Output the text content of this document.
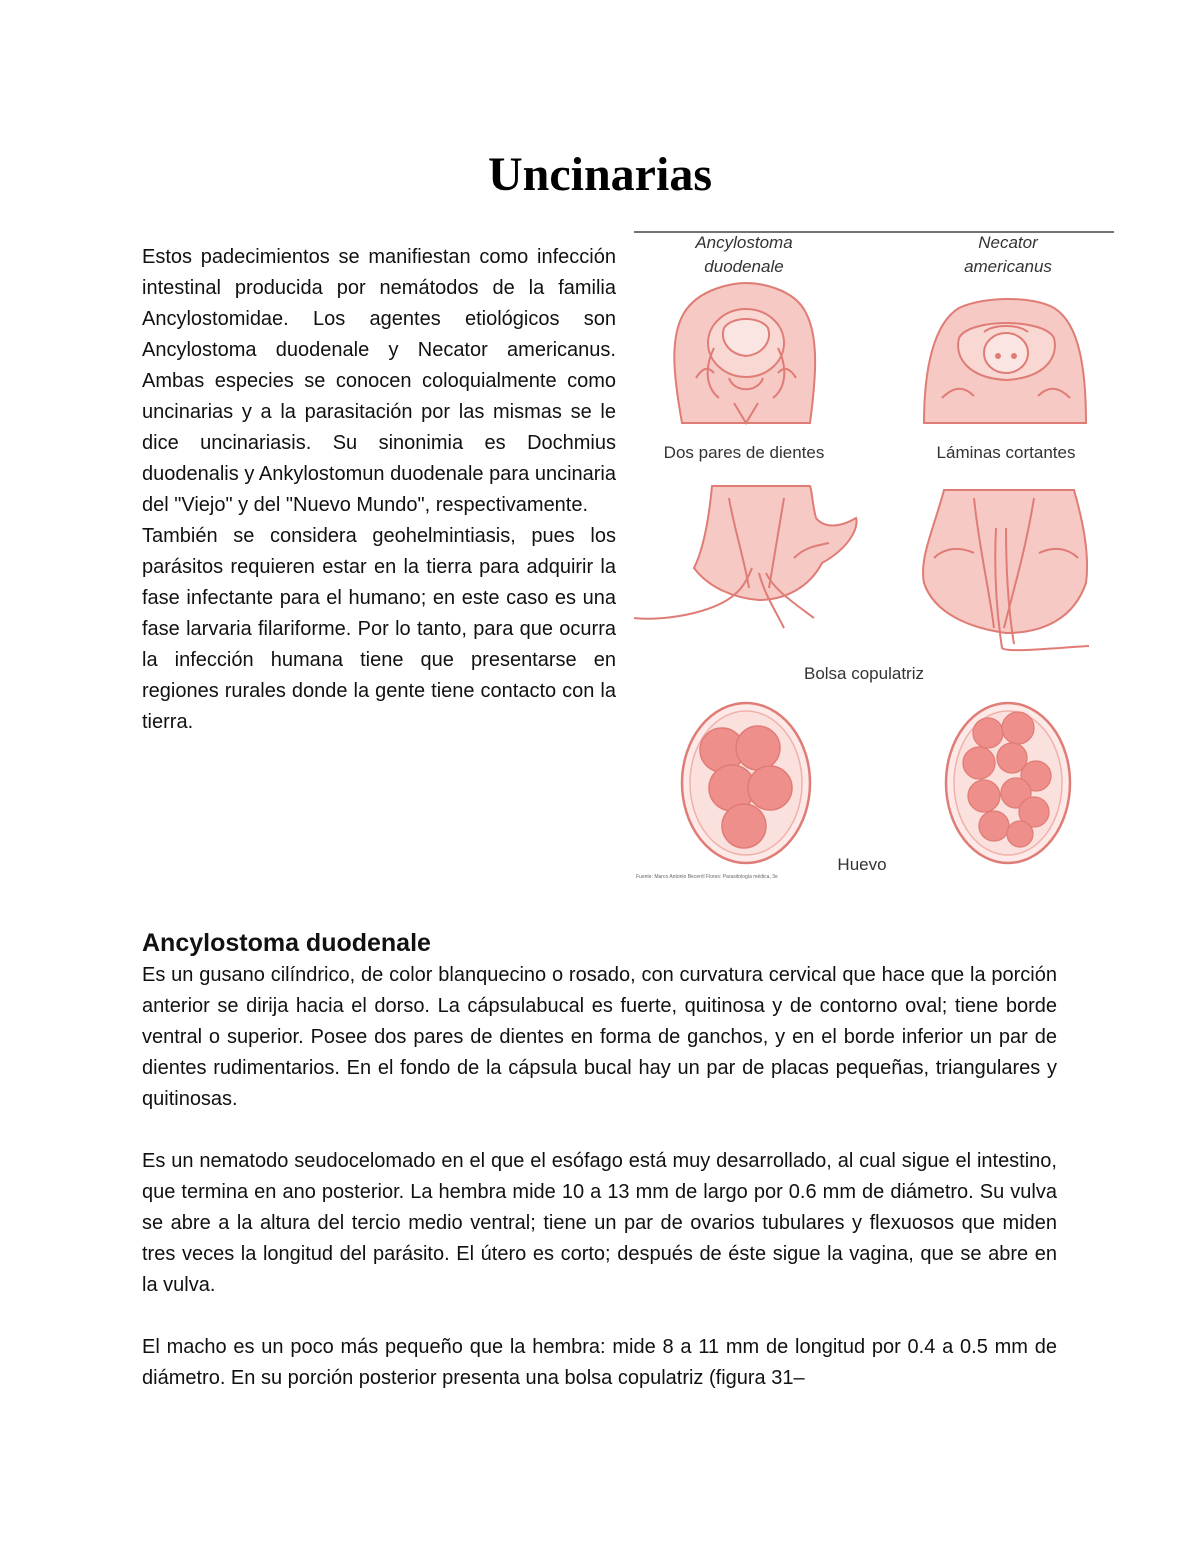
Uncinarias

Estos padecimientos se manifiestan como infección intestinal producida por nemátodos de la familia Ancylostomidae. Los agentes etiológicos son Ancylostoma duodenale y Necator americanus. Ambas especies se conocen coloquialmente como uncinarias y a la parasitación por las mismas se le dice uncinariasis. Su sinonimia es Dochmius duodenalis y Ankylostomun duodenale para uncinaria del "Viejo" y del "Nuevo Mundo", respectivamente.

También se considera geohelmintiasis, pues los parásitos requieren estar en la tierra para adquirir la fase infectante para el humano; en este caso es una fase larvaria filariforme. Por lo tanto, para que ocurra la infección humana tiene que presentarse en regiones rurales donde la gente tiene contacto con la tierra.

Ancylostoma
duodenale
Necator
americanus
Dos pares de dientes	Láminas cortantes
Bolsa copulatriz
Huevo
Fuente: Marco Antonio Becerril Flores: Parasitología médica, 3e
Ancylostoma duodenale

Es un gusano cilíndrico, de color blanquecino o rosado, con curvatura cervical que hace que la porción anterior se dirija hacia el dorso. La cápsulabucal es fuerte, quitinosa y de contorno oval; tiene borde ventral o superior. Posee dos pares de dientes en forma de ganchos, y en el borde inferior un par de dientes rudimentarios. En el fondo de la cápsula bucal hay un par de placas pequeñas, triangulares y quitinosas.

Es un nematodo seudocelomado en el que el esófago está muy desarrollado, al cual sigue el intestino, que termina en ano posterior. La hembra mide 10 a 13 mm de largo por 0.6 mm de diámetro. Su vulva se abre a la altura del tercio medio ventral; tiene un par de ovarios tubulares y flexuosos que miden tres veces la longitud del parásito. El útero es corto; después de éste sigue la vagina, que se abre en la vulva.

El macho es un poco más pequeño que la hembra: mide 8 a 11 mm de longitud por 0.4 a 0.5 mm de diámetro. En su porción posterior presenta una bolsa copulatriz (figura 31–
